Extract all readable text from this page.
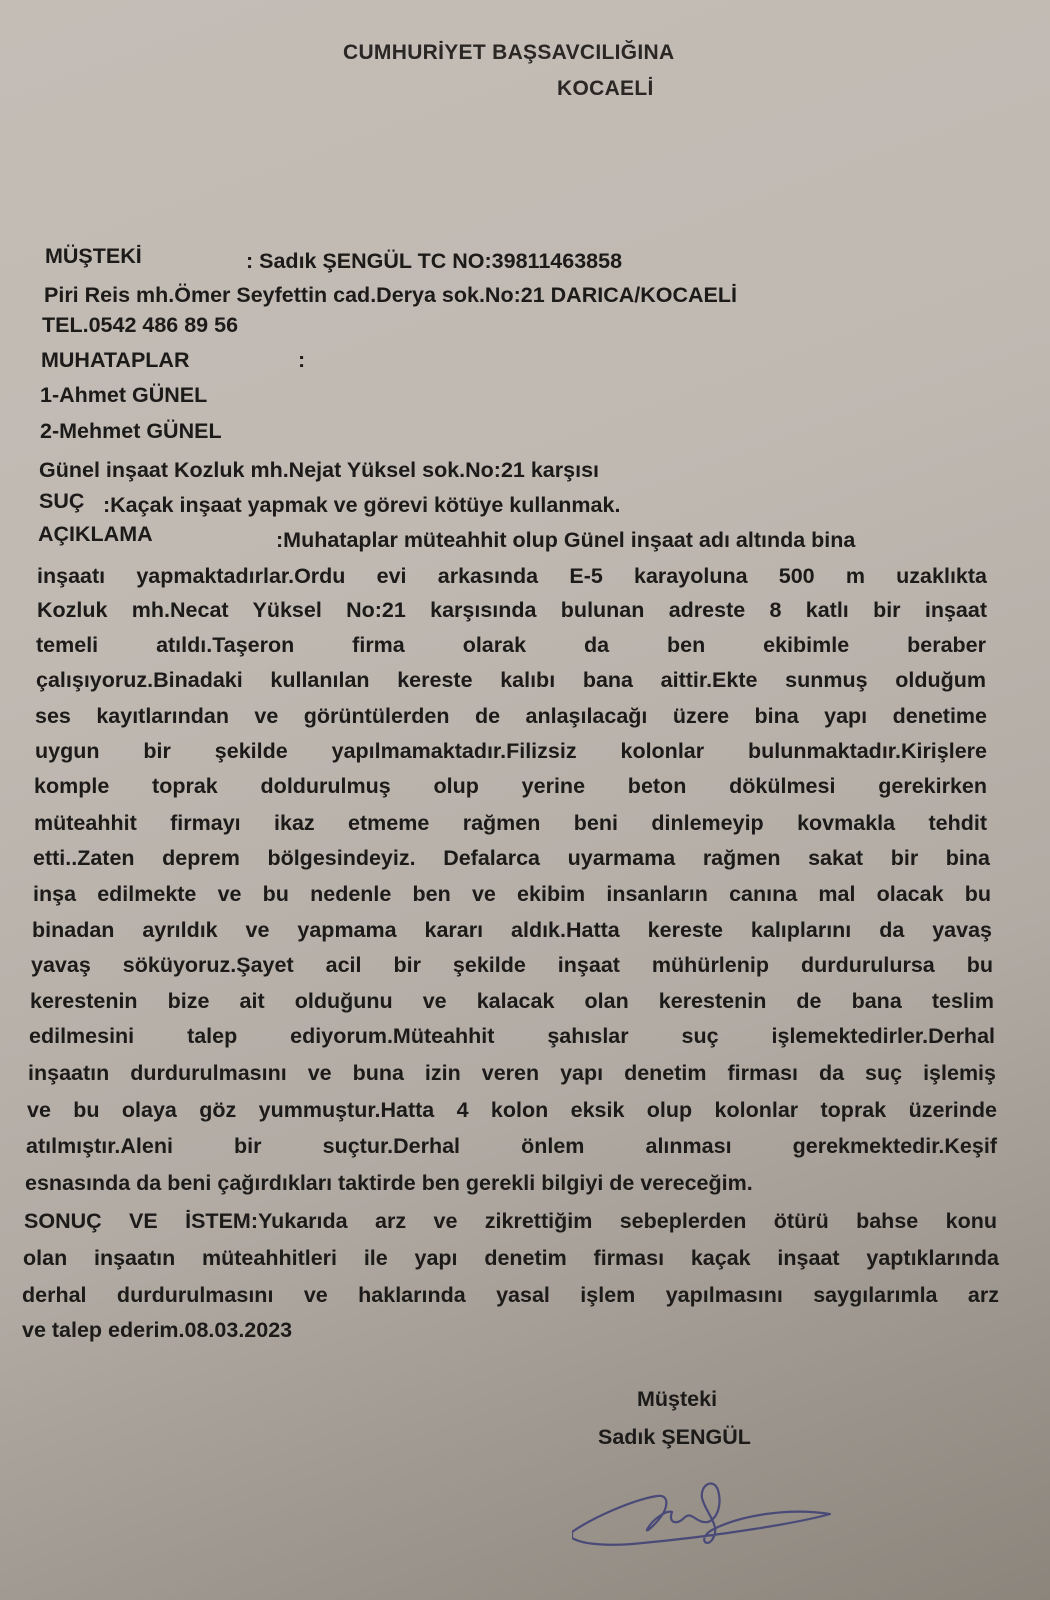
CUMHURİYET BAŞSAVCILIĞINA
KOCAELİ
MÜŞTEKİ	: Sadık ŞENGÜL TC NO:39811463858
Piri Reis mh.Ömer Seyfettin cad.Derya sok.No:21 DARICA/KOCAELİ
TEL.0542 486 89 56
MUHATAPLAR	:
1-Ahmet GÜNEL
2-Mehmet GÜNEL
Günel inşaat Kozluk mh.Nejat Yüksel sok.No:21 karşısı
SUÇ :Kaçak inşaat yapmak ve görevi kötüye kullanmak.
AÇIKLAMA	:Muhataplar müteahhit olup Günel inşaat adı altında bina
inşaatı yapmaktadırlar.Ordu evi arkasında E-5 karayoluna 500 m uzaklıkta
Kozluk mh.Necat Yüksel No:21 karşısında bulunan adreste 8 katlı bir inşaat
temeli atıldı.Taşeron firma olarak da ben ekibimle beraber
çalışıyoruz.Binadaki kullanılan kereste kalıbı bana aittir.Ekte sunmuş olduğum
ses kayıtlarından ve görüntülerden de anlaşılacağı üzere bina yapı denetime
uygun bir şekilde yapılmamaktadır.Filizsiz kolonlar bulunmaktadır.Kirişlere
komple toprak doldurulmuş olup yerine beton dökülmesi gerekirken
müteahhit firmayı ikaz etmeme rağmen beni dinlemeyip kovmakla tehdit
etti..Zaten deprem bölgesindeyiz. Defalarca uyarmama rağmen sakat bir bina
inşa edilmekte ve bu nedenle ben ve ekibim insanların canına mal olacak bu
binadan ayrıldık ve yapmama kararı aldık.Hatta kereste kalıplarını da yavaş
yavaş söküyoruz.Şayet acil bir şekilde inşaat mühürlenip durdurulursa bu
kerestenin bize ait olduğunu ve kalacak olan kerestenin de bana teslim
edilmesini talep ediyorum.Müteahhit şahıslar suç işlemektedirler.Derhal
inşaatın durdurulmasını ve buna izin veren yapı denetim firması da suç işlemiş
ve bu olaya göz yummuştur.Hatta 4 kolon eksik olup kolonlar toprak üzerinde
atılmıştır.Aleni bir suçtur.Derhal önlem alınması gerekmektedir.Keşif
esnasında da beni çağırdıkları taktirde ben gerekli bilgiyi de vereceğim.
SONUÇ VE İSTEM:Yukarıda arz ve zikrettiğim sebeplerden ötürü bahse konu
olan inşaatın müteahhitleri ile yapı denetim firması kaçak inşaat yaptıklarında
derhal durdurulmasını ve haklarında yasal işlem yapılmasını saygılarımla arz
ve talep ederim.08.03.2023
Müşteki
Sadık ŞENGÜL
